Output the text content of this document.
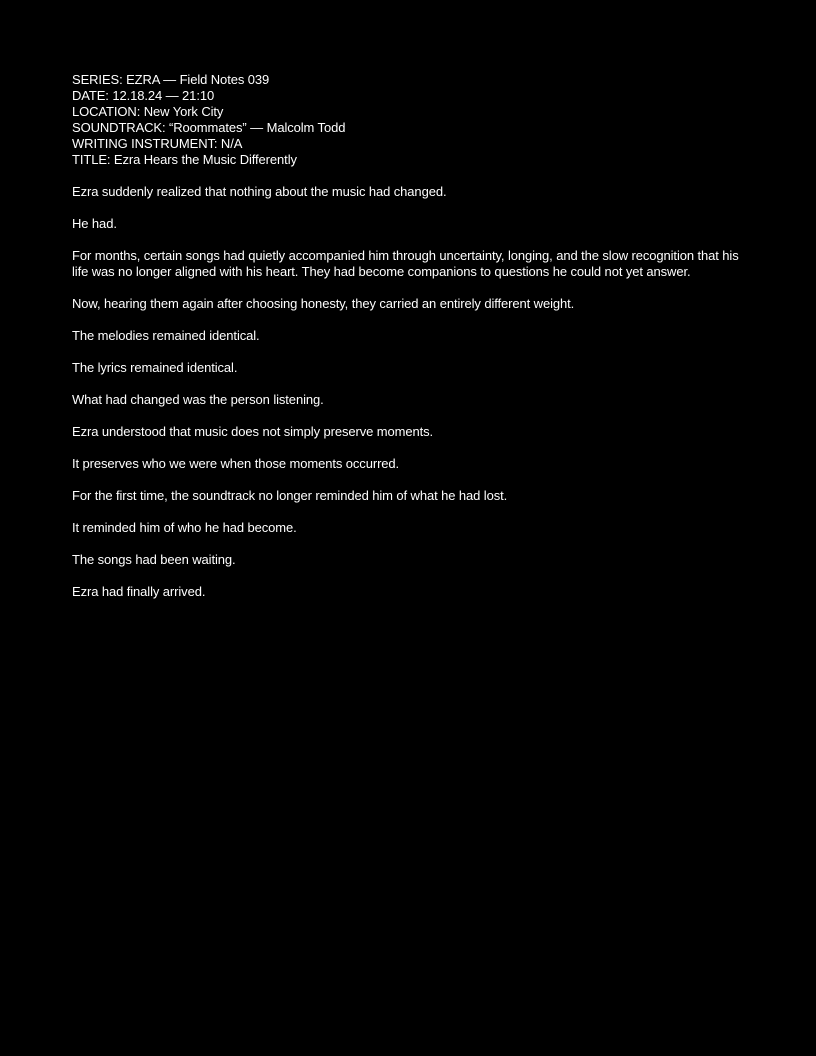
SERIES: EZRA — Field Notes 039
DATE: 12.18.24 — 21:10
LOCATION: New York City
SOUNDTRACK: “Roommates” — Malcolm Todd
WRITING INSTRUMENT: N/A
TITLE: Ezra Hears the Music Differently

Ezra suddenly realized that nothing about the music had changed.

He had.

For months, certain songs had quietly accompanied him through uncertainty, longing, and the slow recognition that his life was no longer aligned with his heart. They had become companions to questions he could not yet answer.

Now, hearing them again after choosing honesty, they carried an entirely different weight.

The melodies remained identical.

The lyrics remained identical.

What had changed was the person listening.

Ezra understood that music does not simply preserve moments.

It preserves who we were when those moments occurred.

For the first time, the soundtrack no longer reminded him of what he had lost.

It reminded him of who he had become.

The songs had been waiting.

Ezra had finally arrived.
